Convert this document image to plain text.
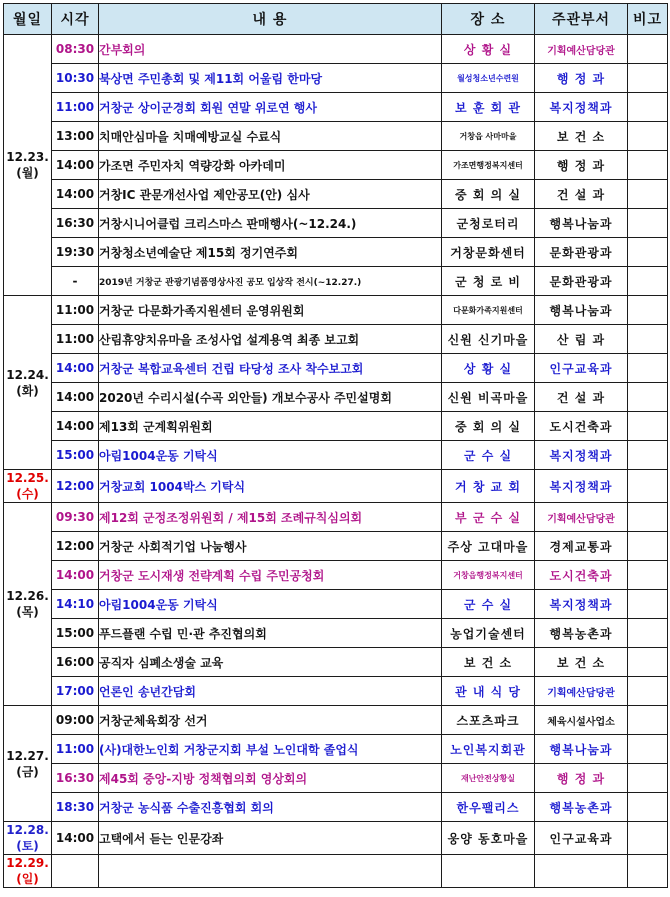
월일	시각	내 용	장 소	주관부서	비고
12.23.
(월)	08:30	간부회의	상 황 실	기획예산담당관	
	10:30	북상면 주민총회 및 제11회 어울림 한마당	월성청소년수련원	행 정 과	
	11:00	거창군 상이군경회 회원 연말 위로연 행사	보 훈 회 관	복지정책과	
	13:00	치매안심마을 치매예방교실 수료식	거창읍 사마마을	보 건 소	
	14:00	가조면 주민자치 역량강화 아카데미	가조면행정복지센터	행 정 과	
	14:00	거창IC 관문개선사업 제안공모(안) 심사	중 회 의 실	건 설 과	
	16:30	거창시니어클럽 크리스마스 판매행사(~12.24.)	군청로터리	행복나눔과	
	19:30	거창청소년예술단 제15회 정기연주회	거창문화센터	문화관광과	
	-	2019년 거창군 관광기념품영상사진 공모 입상작 전시(~12.27.)	군 청 로 비	문화관광과	
12.24.
(화)	11:00	거창군 다문화가족지원센터 운영위원회	다문화가족지원센터	행복나눔과	
	11:00	산림휴양치유마을 조성사업 설계용역 최종 보고회	신원 신기마을	산 림 과	
	14:00	거창군 복합교육센터 건립 타당성 조사 착수보고회	상 황 실	인구교육과	
	14:00	2020년 수리시설(수곡 외안들) 개보수공사 주민설명회	신원 비곡마을	건 설 과	
	14:00	제13회 군계획위원회	중 회 의 실	도시건축과	
	15:00	아림1004운동 기탁식	군 수 실	복지정책과	
12.25.
(수)	12:00	거창교회 1004박스 기탁식	거 창 교 회	복지정책과	
12.26.
(목)	09:30	제12회 군정조정위원회 / 제15회 조례규칙심의회	부 군 수 실	기획예산담당관	
	12:00	거창군 사회적기업 나눔행사	주상 고대마을	경제교통과	
	14:00	거창군 도시재생 전략계획 수립 주민공청회	거창읍행정복지센터	도시건축과	
	14:10	아림1004운동 기탁식	군 수 실	복지정책과	
	15:00	푸드플랜 수립 민·관 추진협의회	농업기술센터	행복농촌과	
	16:00	공직자 심폐소생술 교육	보 건 소	보 건 소	
	17:00	언론인 송년간담회	관 내 식 당	기획예산담당관	
12.27.
(금)	09:00	거창군체육회장 선거	스포츠파크	체육시설사업소	
	11:00	(사)대한노인회 거창군지회 부설 노인대학 졸업식	노인복지회관	행복나눔과	
	16:30	제45회 중앙-지방 정책협의회 영상회의	재난안전상황실	행 정 과	
	18:30	거창군 농식품 수출진흥협회 회의	한우팰리스	행복농촌과	
12.28.
(토)	14:00	고택에서 듣는 인문강좌	웅양 동호마을	인구교육과	
12.29.
(일)					
